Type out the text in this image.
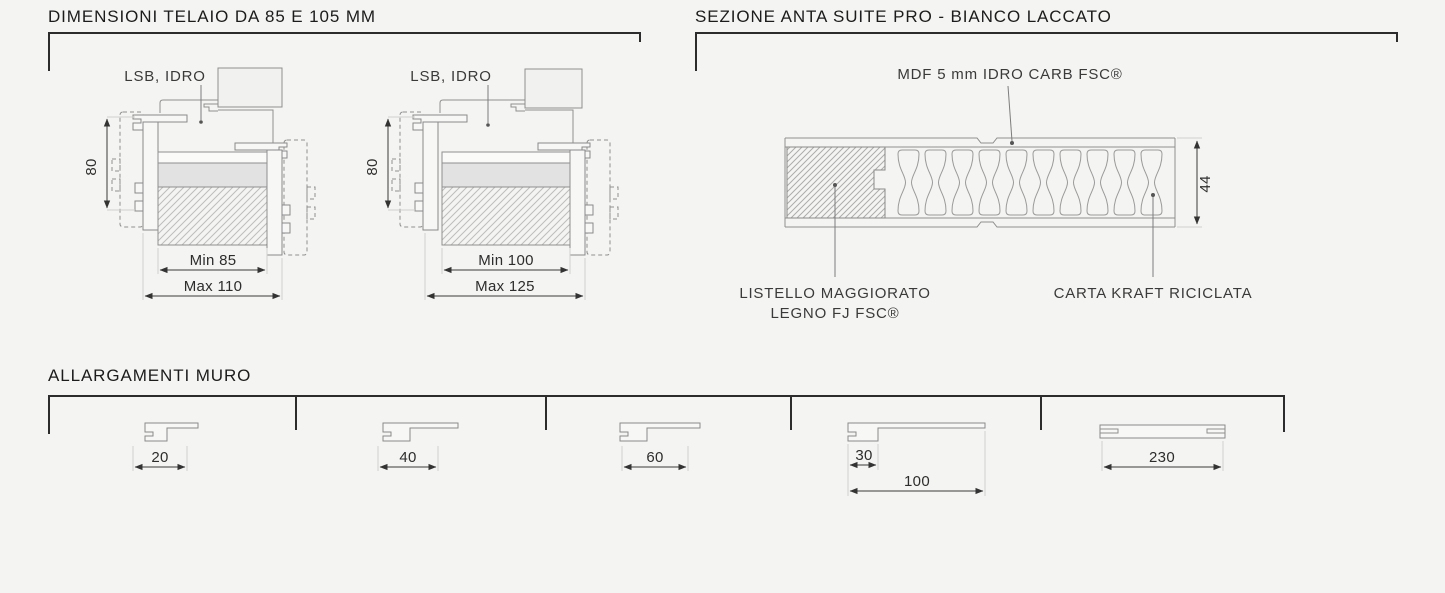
DIMENSIONI TELAIO DA 85 E 105 MM	SEZIONE ANTA SUITE PRO - BIANCO LACCATO
ALLARGAMENTI MURO
LSB, IDRO
80
Min 85
Max 110
LSB, IDRO
80
Min 100
Max 125
MDF 5 mm IDRO CARB FSC®
44
LISTELLO MAGGIORATO
LEGNO FJ FSC®
CARTA KRAFT RICICLATA
20	40	60	30
100
230
